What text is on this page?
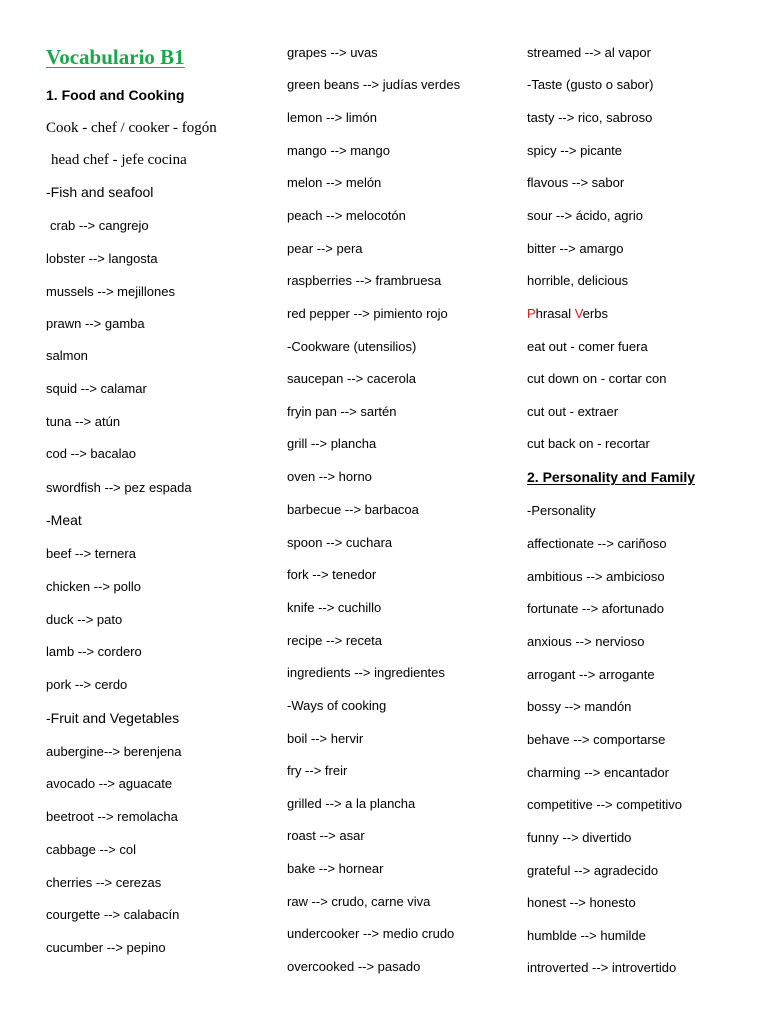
Vocabulario B1
1. Food and Cooking
Cook - chef / cooker - fogón
head chef - jefe cocina
-Fish and seafool
crab --> cangrejo
lobster --> langosta
mussels --> mejillones
prawn --> gamba
salmon
squid --> calamar
tuna --> atún
cod --> bacalao
swordfish --> pez espada
-Meat
beef --> ternera
chicken --> pollo
duck --> pato
lamb --> cordero
pork --> cerdo
-Fruit and Vegetables
aubergine--> berenjena
avocado --> aguacate
beetroot --> remolacha
cabbage --> col
cherries --> cerezas
courgette --> calabacín
cucumber --> pepino
grapes --> uvas
green beans --> judías verdes
lemon --> limón
mango --> mango
melon --> melón
peach --> melocotón
pear --> pera
raspberries --> frambruesa
red pepper --> pimiento rojo
-Cookware (utensilios)
saucepan --> cacerola
fryin pan --> sartén
grill --> plancha
oven --> horno
barbecue --> barbacoa
spoon --> cuchara
fork --> tenedor
knife --> cuchillo
recipe --> receta
ingredients --> ingredientes
-Ways of cooking
boil --> hervir
fry --> freir
grilled --> a la plancha
roast --> asar
bake --> hornear
raw --> crudo, carne viva
undercooker --> medio crudo
overcooked --> pasado
streamed --> al vapor
-Taste (gusto o sabor)
tasty --> rico, sabroso
spicy --> picante
flavous --> sabor
sour --> ácido, agrio
bitter --> amargo
horrible, delicious
Phrasal Verbs
eat out - comer fuera
cut down on - cortar con
cut out - extraer
cut back on - recortar
2. Personality and Family
-Personality
affectionate --> cariñoso
ambitious --> ambicioso
fortunate --> afortunado
anxious --> nervioso
arrogant --> arrogante
bossy --> mandón
behave --> comportarse
charming --> encantador
competitive --> competitivo
funny --> divertido
grateful --> agradecido
honest --> honesto
humblde --> humilde
introverted --> introvertido
